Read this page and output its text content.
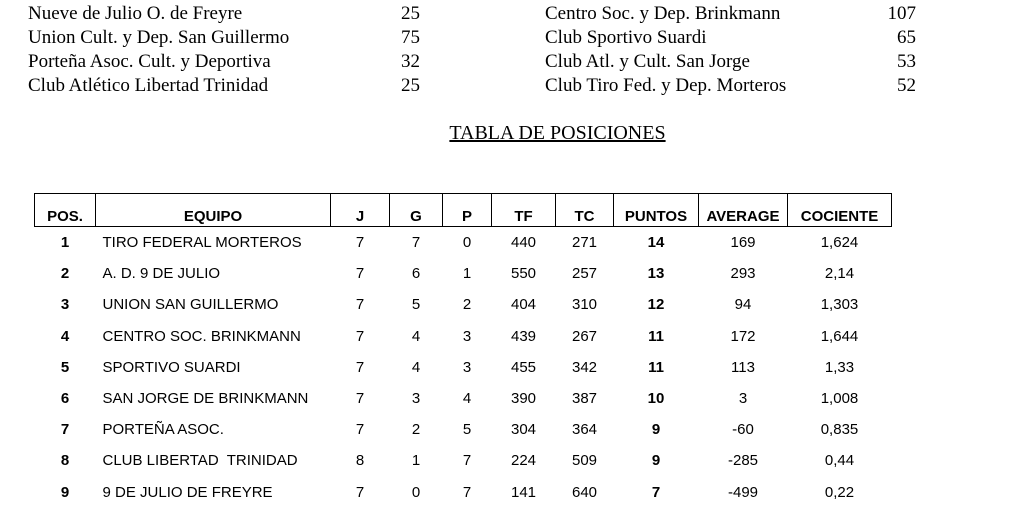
Nueve de Julio O. de Freyre	25	Centro Soc. y Dep. Brinkmann	107
Union Cult. y Dep. San Guillermo	75	Club Sportivo Suardi	65
Porteña Asoc. Cult. y Deportiva	32	Club Atl. y Cult. San Jorge	53
Club Atlético Libertad Trinidad	25	Club Tiro Fed. y Dep. Morteros	52
TABLA DE POSICIONES
POS.	EQUIPO	J	G	P	TF	TC	PUNTOS	AVERAGE	COCIENTE
1	TIRO FEDERAL MORTEROS	7	7	0	440	271	14	169	1,624
2	A. D. 9 DE JULIO	7	6	1	550	257	13	293	2,14
3	UNION SAN GUILLERMO	7	5	2	404	310	12	94	1,303
4	CENTRO SOC. BRINKMANN	7	4	3	439	267	11	172	1,644
5	SPORTIVO SUARDI	7	4	3	455	342	11	113	1,33
6	SAN JORGE DE BRINKMANN	7	3	4	390	387	10	3	1,008
7	PORTEÑA ASOC.	7	2	5	304	364	9	-60	0,835
8	CLUB LIBERTAD  TRINIDAD	8	1	7	224	509	9	-285	0,44
9	9 DE JULIO DE FREYRE	7	0	7	141	640	7	-499	0,22
